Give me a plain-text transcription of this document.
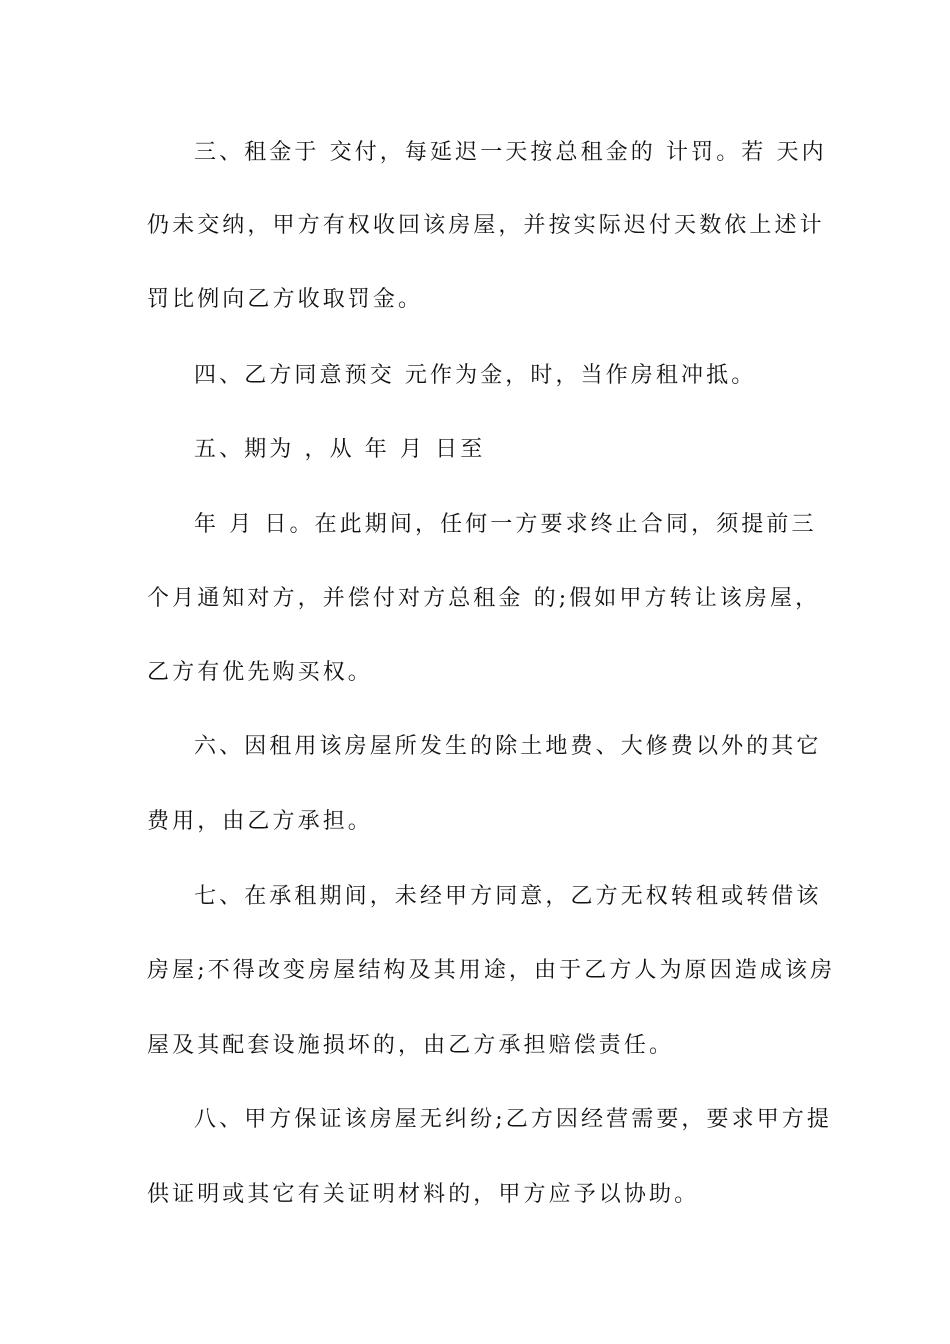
三、租金于 交付，每延迟一天按总租金的 计罚。若 天内
仍未交纳，甲方有权收回该房屋，并按实际迟付天数依上述计
罚比例向乙方收取罚金。
四、乙方同意预交 元作为金，时，当作房租冲抵。
五、期为 ，从 年 月 日至
年 月 日。在此期间，任何一方要求终止合同，须提前三
个月通知对方，并偿付对方总租金 的;假如甲方转让该房屋，
乙方有优先购买权。
六、因租用该房屋所发生的除土地费、大修费以外的其它
费用，由乙方承担。
七、在承租期间，未经甲方同意，乙方无权转租或转借该
房屋;不得改变房屋结构及其用途，由于乙方人为原因造成该房
屋及其配套设施损坏的，由乙方承担赔偿责任。
八、甲方保证该房屋无纠纷;乙方因经营需要，要求甲方提
供证明或其它有关证明材料的，甲方应予以协助。
